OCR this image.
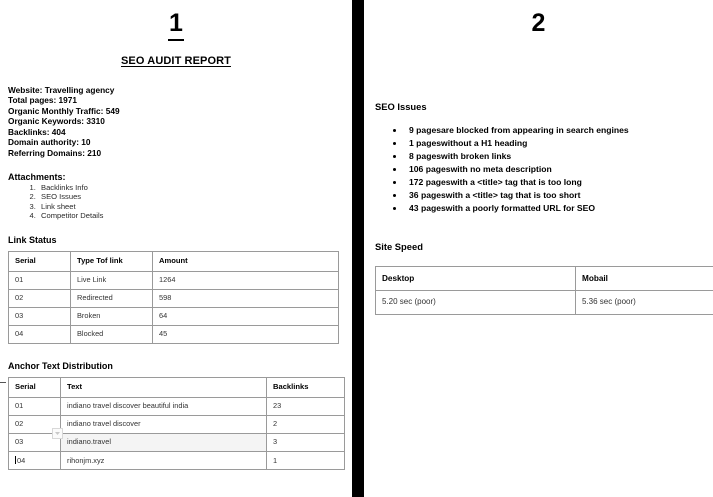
1
SEO AUDIT REPORT
Website: Travelling agency
Total pages: 1971
Organic Monthly Traffic: 549
Organic Keywords: 3310
Backlinks: 404
Domain authority: 10
Referring Domains: 210
Attachments:
1. Backlinks Info
2. SEO Issues
3. Link sheet
4. Competitor Details
Link Status
Serial	Type Tof link	Amount
01	Live Link	1264
02	Redirected	598
03	Broken	64
04	Blocked	45
Anchor Text Distribution
Serial	Text	Backlinks
01	indiano travel discover beautiful india	23
02	indiano travel discover	2
03	indiano.travel	3
04	rihonjm.xyz	1
2
SEO Issues
• 9 pagesare blocked from appearing in search engines
• 1 pageswithout a H1 heading
• 8 pageswith broken links
• 106 pageswith no meta description
• 172 pageswith a <title> tag that is too long
• 36 pageswith a <title> tag that is too short
• 43 pageswith a poorly formatted URL for SEO
Site Speed
Desktop	Mobail
5.20 sec (poor)	5.36 sec (poor)
